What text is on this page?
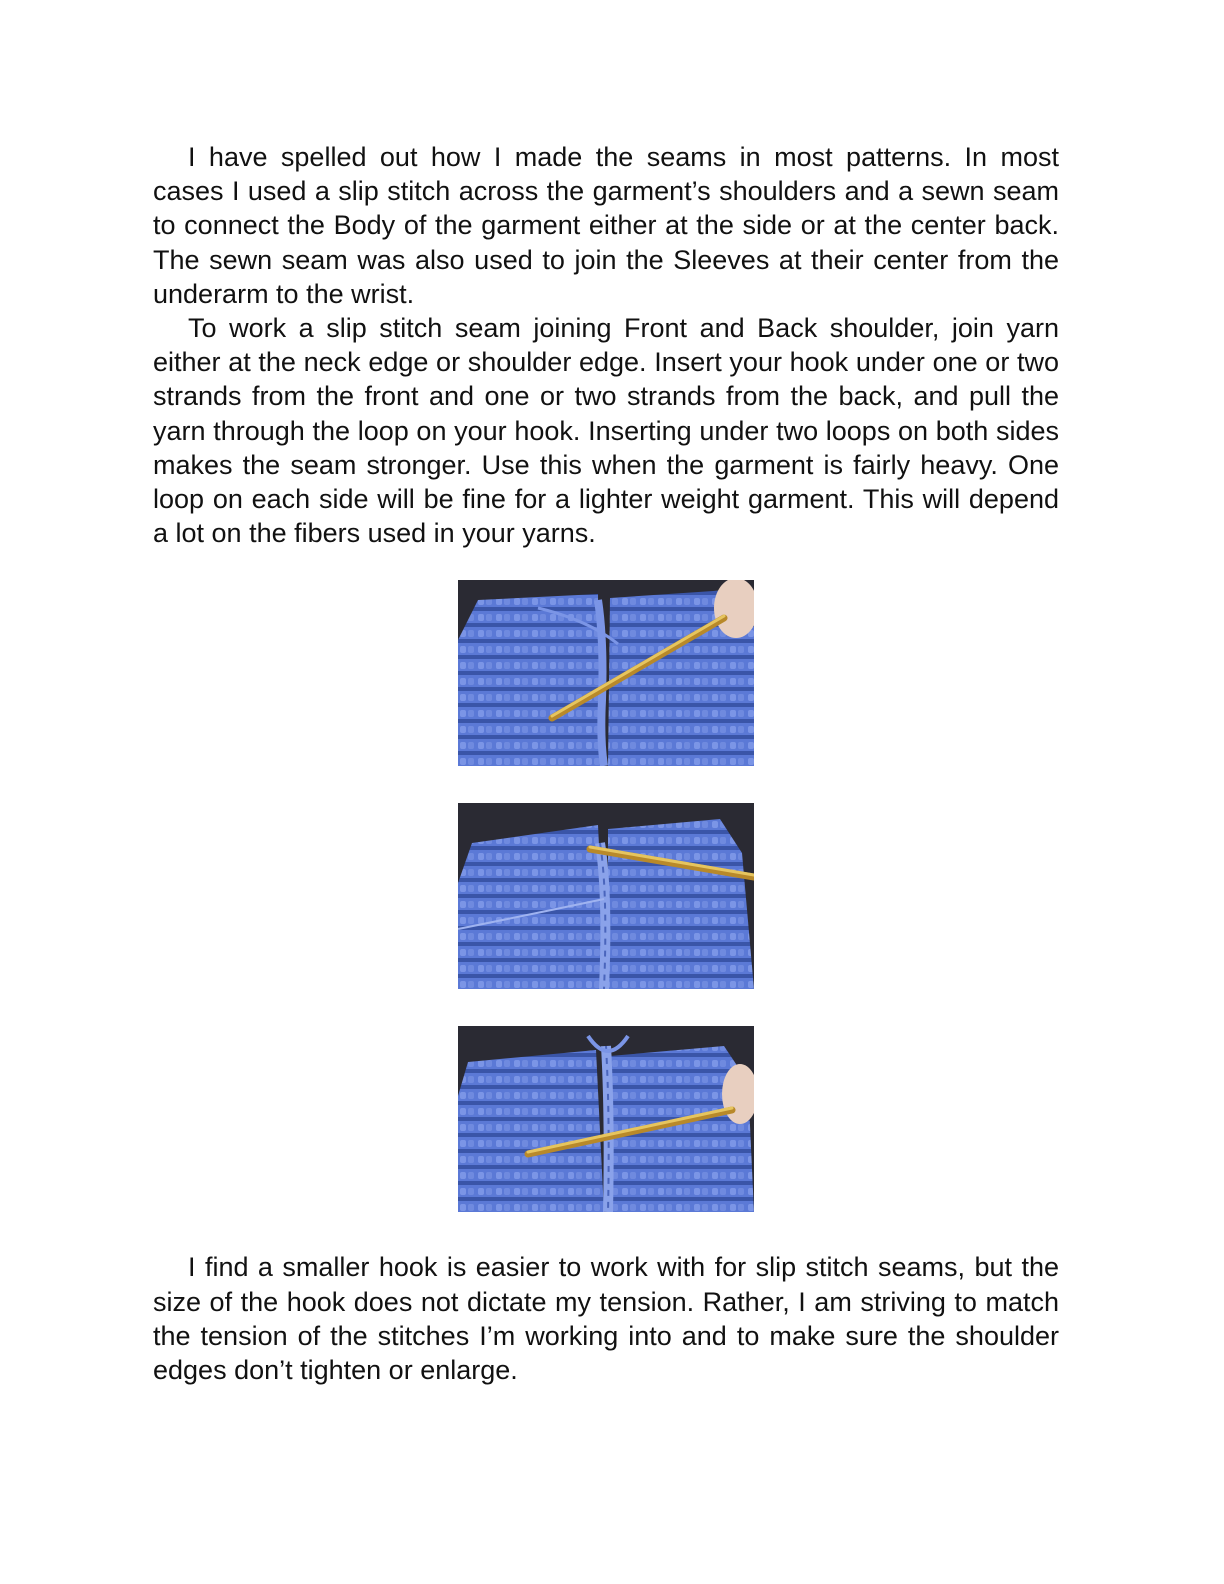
I have spelled out how I made the seams in most patterns. In most cases I used a slip stitch across the garment’s shoulders and a sewn seam to connect the Body of the garment either at the side or at the center back. The sewn seam was also used to join the Sleeves at their center from the underarm to the wrist.

To work a slip stitch seam joining Front and Back shoulder, join yarn either at the neck edge or shoulder edge. Insert your hook under one or two strands from the front and one or two strands from the back, and pull the yarn through the loop on your hook. Inserting under two loops on both sides makes the seam stronger. Use this when the garment is fairly heavy. One loop on each side will be fine for a lighter weight garment. This will depend a lot on the fibers used in your yarns.

I find a smaller hook is easier to work with for slip stitch seams, but the size of the hook does not dictate my tension. Rather, I am striving to match the tension of the stitches I’m working into and to make sure the shoulder edges don’t tighten or enlarge.
